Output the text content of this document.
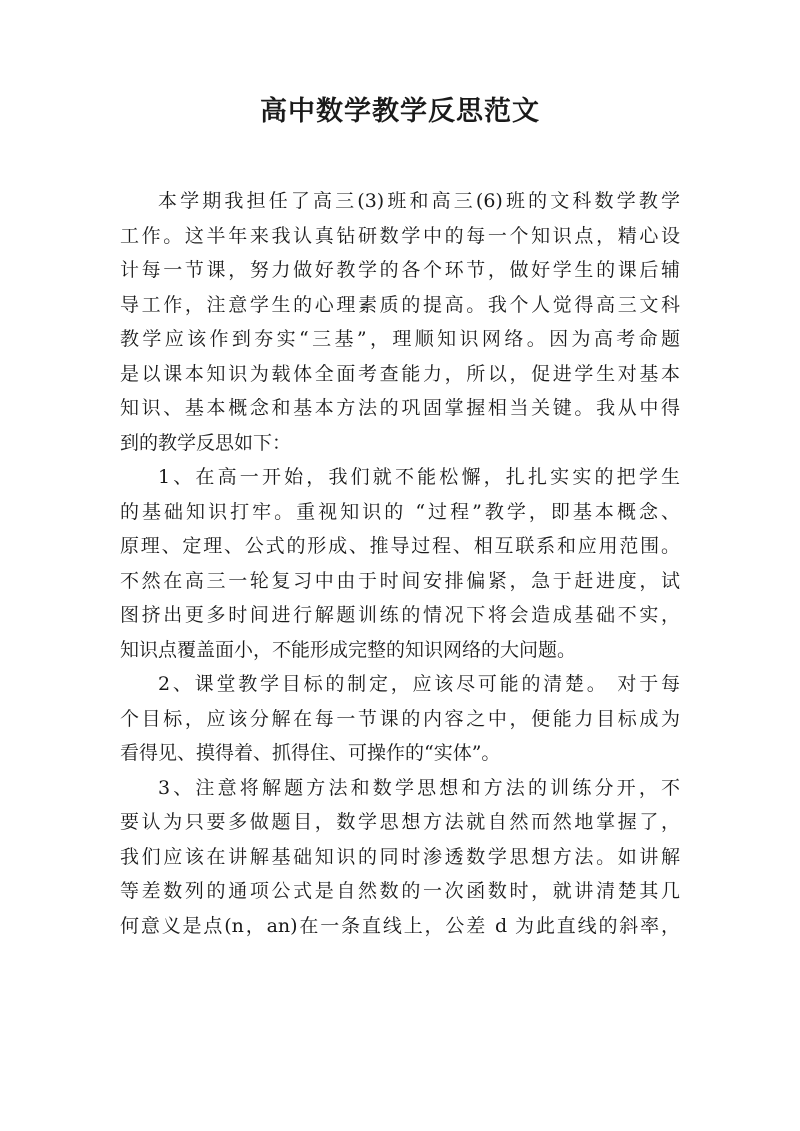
高中数学教学反思范文

本学期我担任了高三(3)班和高三(6)班的文科数学教学

工作。这半年来我认真钻研数学中的每一个知识点，精心设

计每一节课，努力做好教学的各个环节，做好学生的课后辅

导工作，注意学生的心理素质的提高。我个人觉得高三文科

教学应该作到夯实“三基”，理顺知识网络。因为高考命题

是以课本知识为载体全面考查能力，所以，促进学生对基本

知识、基本概念和基本方法的巩固掌握相当关键。我从中得

到的教学反思如下：

1、在高一开始，我们就不能松懈，扎扎实实的把学生

的基础知识打牢。重视知识的 “过程”教学，即基本概念、

原理、定理、公式的形成、推导过程、相互联系和应用范围。

不然在高三一轮复习中由于时间安排偏紧，急于赶进度，试

图挤出更多时间进行解题训练的情况下将会造成基础不实，

知识点覆盖面小，不能形成完整的知识网络的大问题。

2、课堂教学目标的制定，应该尽可能的清楚。 对于每

个目标，应该分解在每一节课的内容之中，便能力目标成为

看得见、摸得着、抓得住、可操作的“实体”。

3、注意将解题方法和数学思想和方法的训练分开，不

要认为只要多做题目，数学思想方法就自然而然地掌握了，

我们应该在讲解基础知识的同时渗透数学思想方法。如讲解

等差数列的通项公式是自然数的一次函数时，就讲清楚其几

何意义是点(n，an)在一条直线上，公差 d 为此直线的斜率，
